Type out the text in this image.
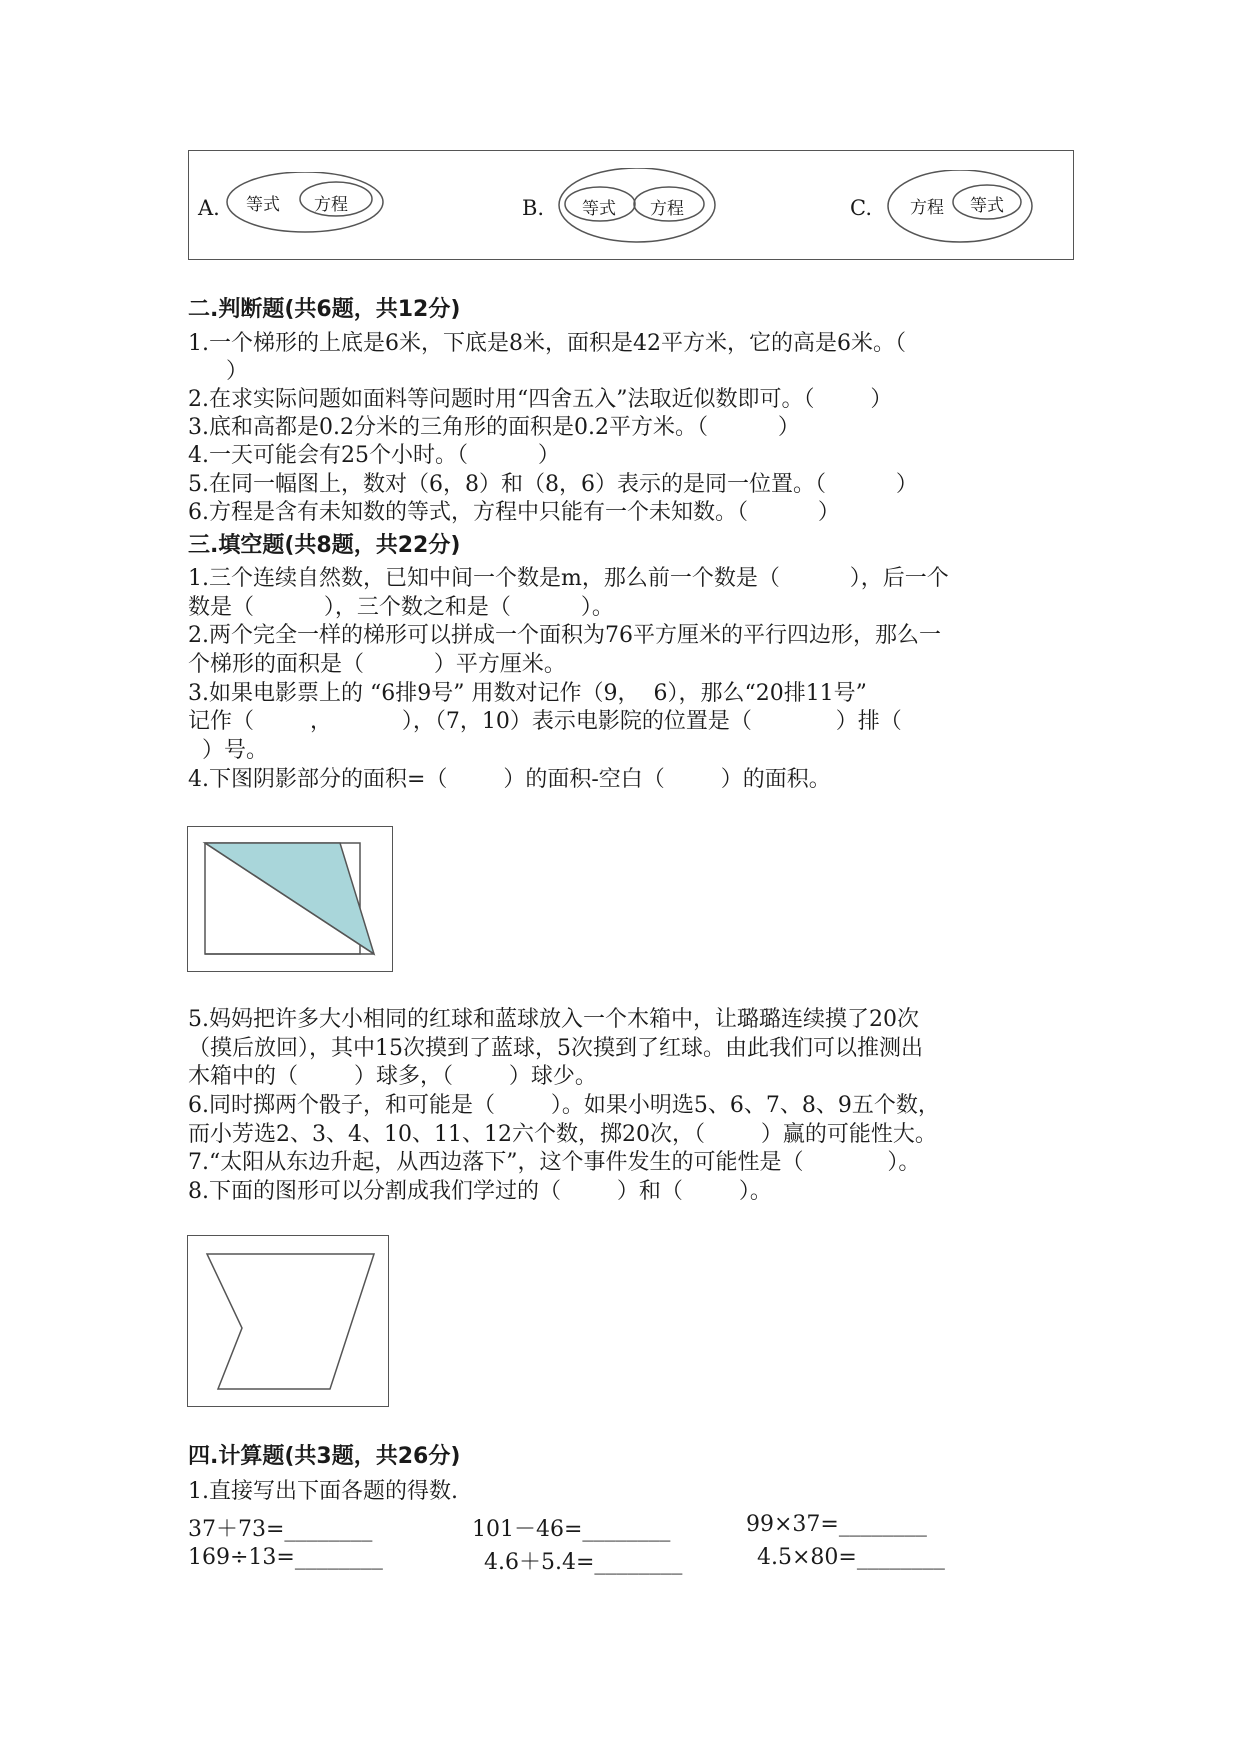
A. 等式 方程	B. 等式 方程	C. 方程 等式
二.判断题(共6题，共12分)
1.一个梯形的上底是6米，下底是8米，面积是42平方米，它的高是6米。（
）
2.在求实际问题如面料等问题时用“四舍五入”法取近似数即可。（        ）
3.底和高都是0.2分米的三角形的面积是0.2平方米。（          ）
4.一天可能会有25个小时。（          ）
5.在同一幅图上，数对（6，8）和（8，6）表示的是同一位置。（          ）
6.方程是含有未知数的等式，方程中只能有一个未知数。（          ）
三.填空题(共8题，共22分)
1.三个连续自然数，已知中间一个数是m，那么前一个数是（          ），后一个
数是（          ），三个数之和是（          ）。
2.两个完全一样的梯形可以拼成一个面积为76平方厘米的平行四边形，那么一
个梯形的面积是（          ）平方厘米。
3.如果电影票上的 “6排9号” 用数对记作（9，  6），那么“20排11号”
记作（        ，          ），（7，10）表示电影院的位置是（            ）排（
）号。
4.下图阴影部分的面积=（        ）的面积-空白（        ）的面积。
5.妈妈把许多大小相同的红球和蓝球放入一个木箱中，让璐璐连续摸了20次
（摸后放回），其中15次摸到了蓝球，5次摸到了红球。由此我们可以推测出
木箱中的（        ）球多，（        ）球少。
6.同时掷两个骰子，和可能是（        ）。如果小明选5、6、7、8、9五个数，
而小芳选2、3、4、10、11、12六个数，掷20次，（        ）赢的可能性大。
7.“太阳从东边升起，从西边落下”，这个事件发生的可能性是（            ）。
8.下面的图形可以分割成我们学过的（        ）和（        ）。
四.计算题(共3题，共26分)
1.直接写出下面各题的得数.
37＋73=________	101－46=________	99×37=________
169÷13=________	4.6＋5.4=________	4.5×80=________
